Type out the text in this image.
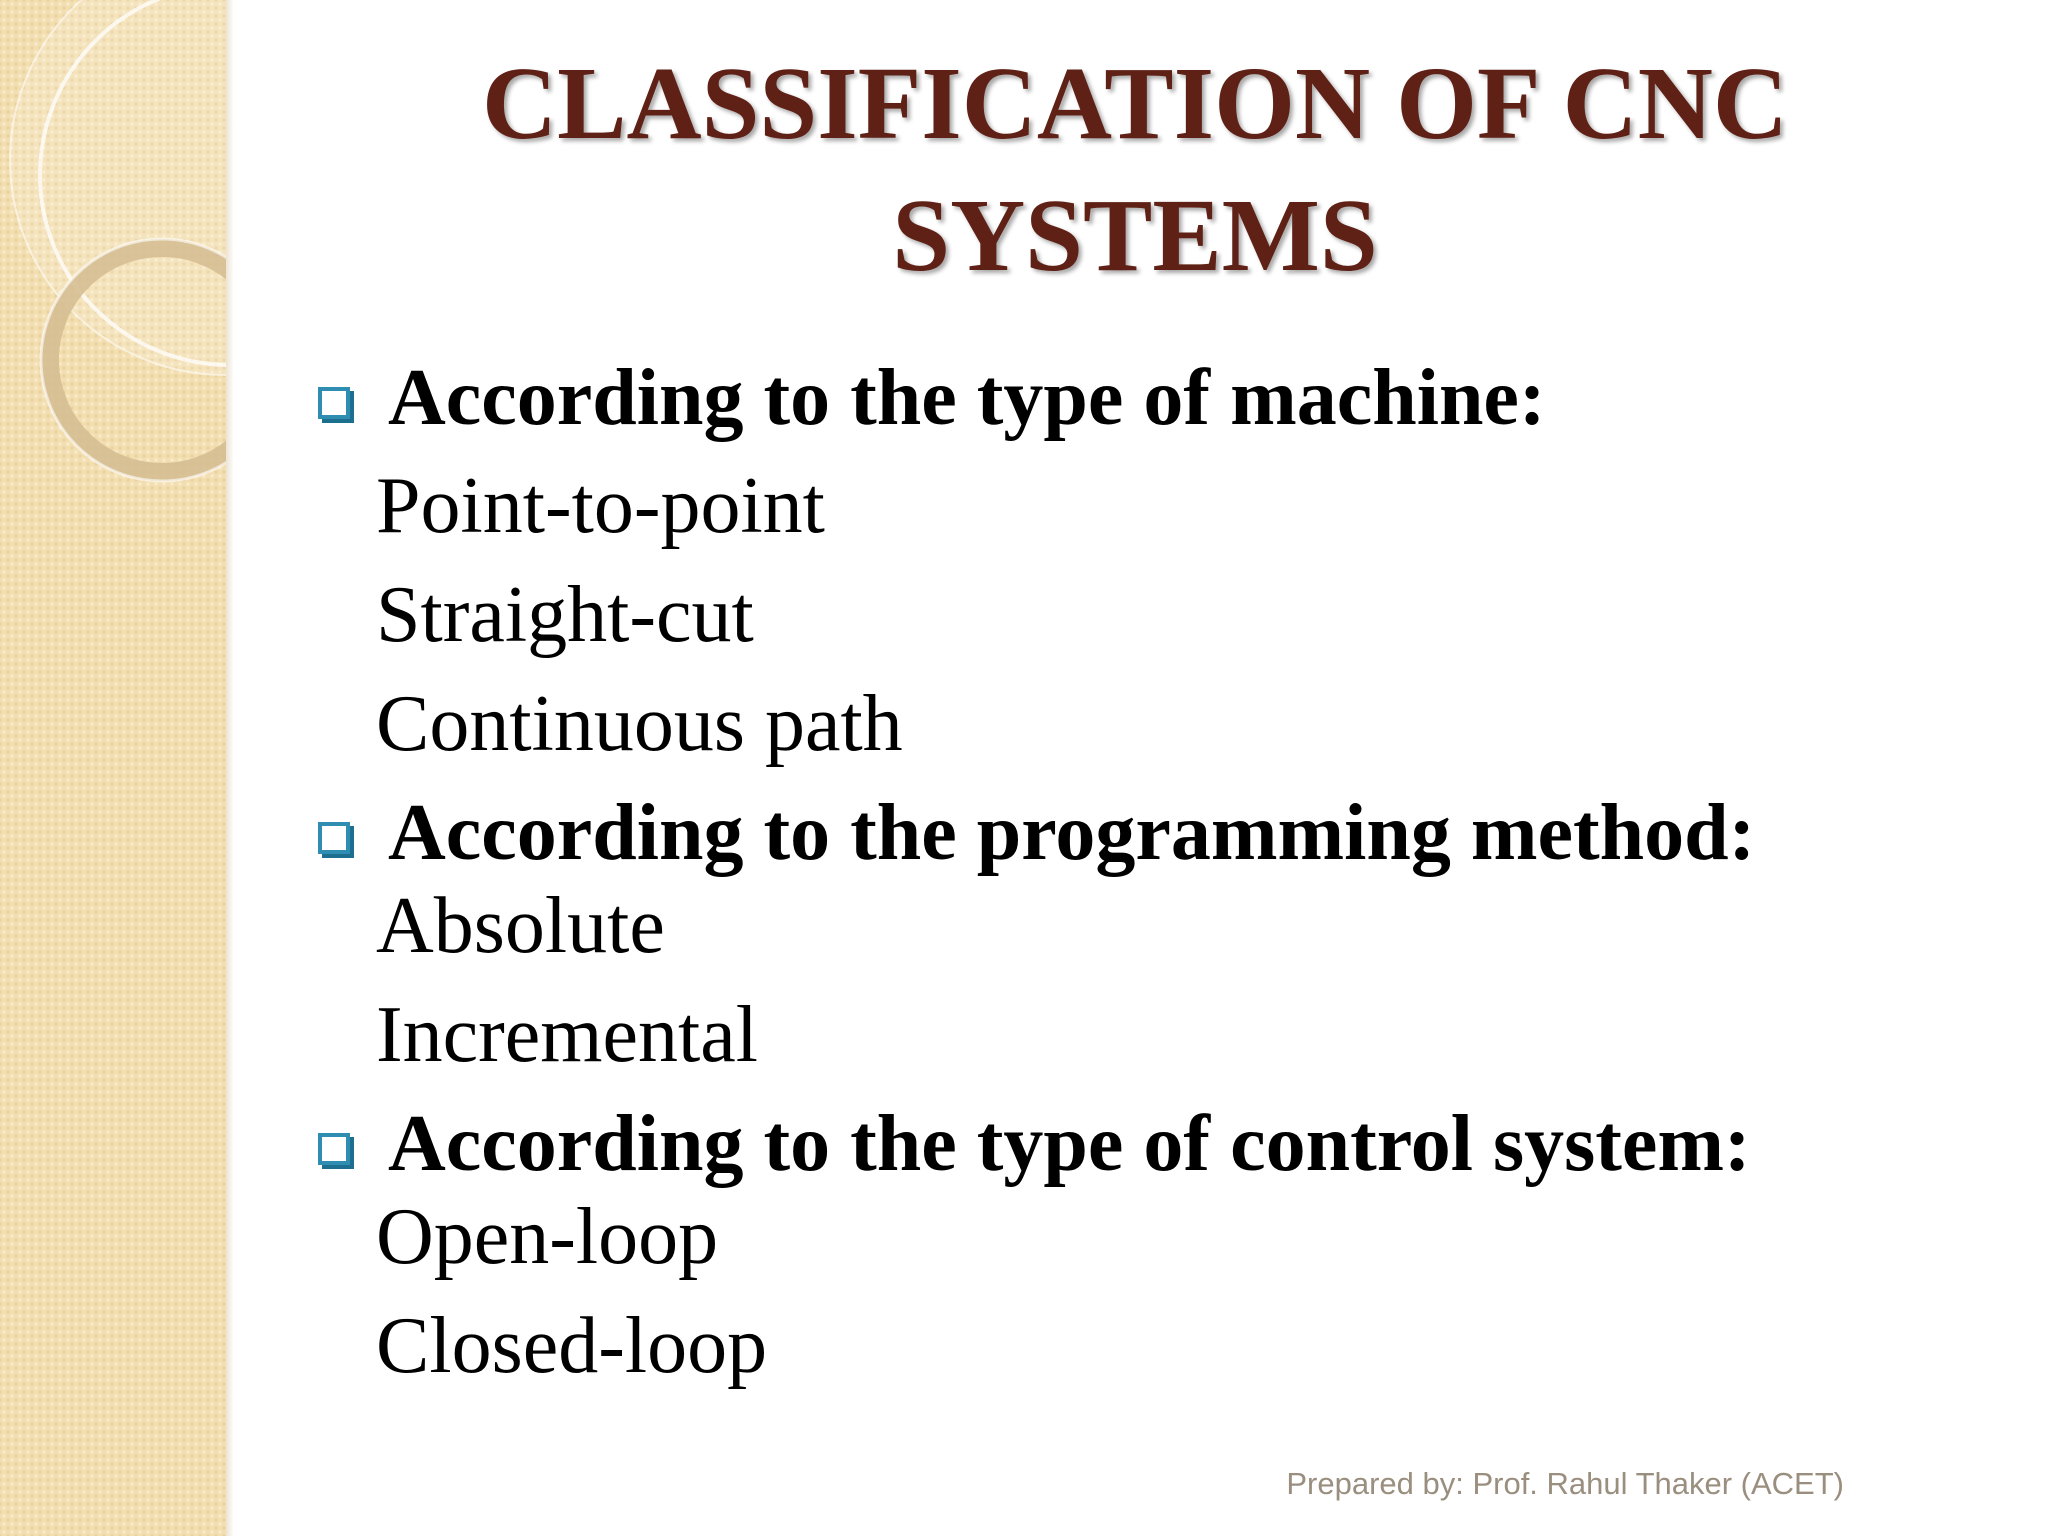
CLASSIFICATION OF CNC
SYSTEMS
According to the type of machine:
Point-to-point
Straight-cut
Continuous path
According to the programming method:
Absolute
Incremental
According to the type of control system:
Open-loop
Closed-loop
Prepared by: Prof. Rahul Thaker (ACET)
